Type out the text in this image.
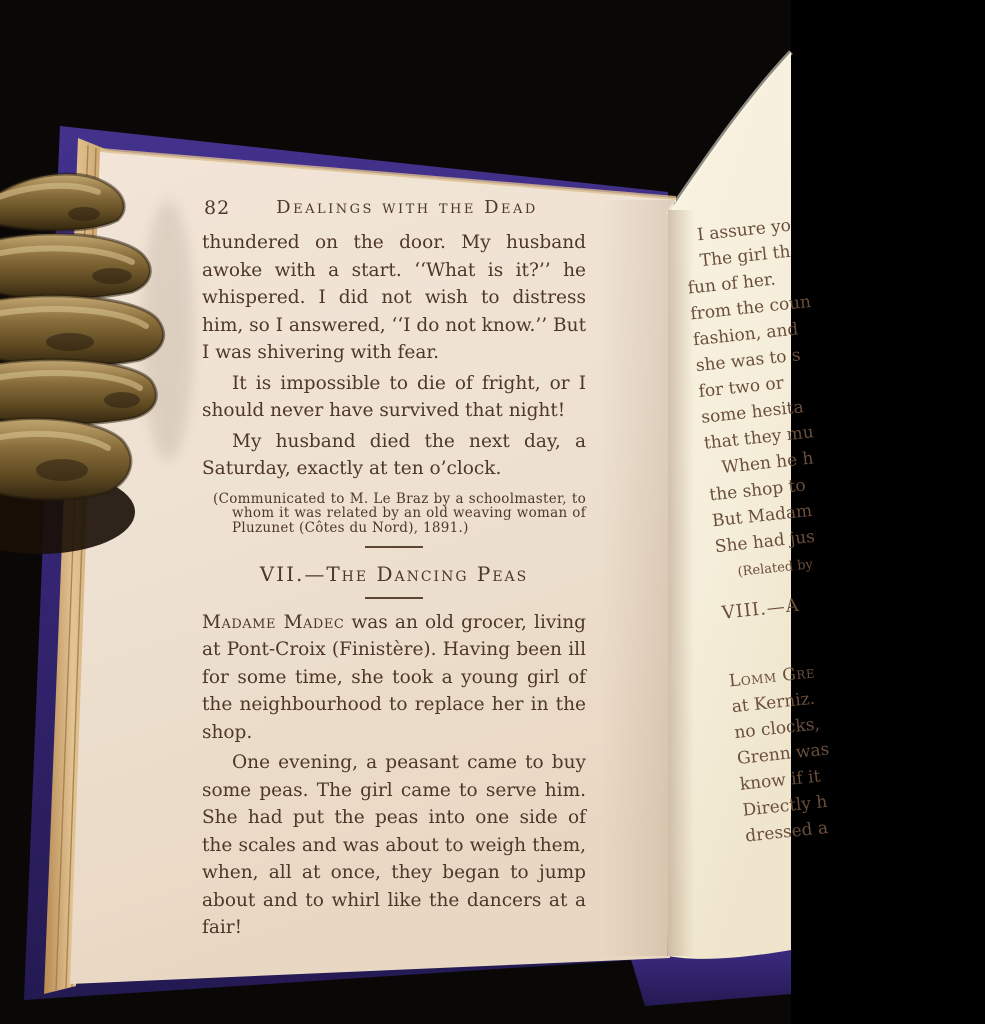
82	Dealings with the Dead

thundered on the door. My husband awoke with a start. ‘‘What is it?’’ he whispered. I did not wish to distress him, so I answered, ‘‘I do not know.’’ But I was shivering with fear.

It is impossible to die of fright, or I should never have survived that night!

My husband died the next day, a Saturday, exactly at ten o’clock.

(Communicated to M. Le Braz by a schoolmaster, to whom it was related by an old weaving woman of Pluzunet (Côtes du Nord), 1891.)
VII.—The Dancing Peas

Madame Madec was an old grocer, living at Pont-Croix (Finistère). Having been ill for some time, she took a young girl of the neighbourhood to replace her in the shop.

One evening, a peasant came to buy some peas. The girl came to serve him. She had put the peas into one side of the scales and was about to weigh them, when, all at once, they began to jump about and to whirl like the dancers at a fair!

I assure yo
The girl th
fun of her.
from the coun
fashion, and
she was to s
for two or
some hesita
that they mu
When he h
the shop to
But Madam
She had jus
(Related by
VIII.—A
Lomm Gre
at Kerniz.
no clocks,
Grenn was
know if it
Directly h
dressed a
